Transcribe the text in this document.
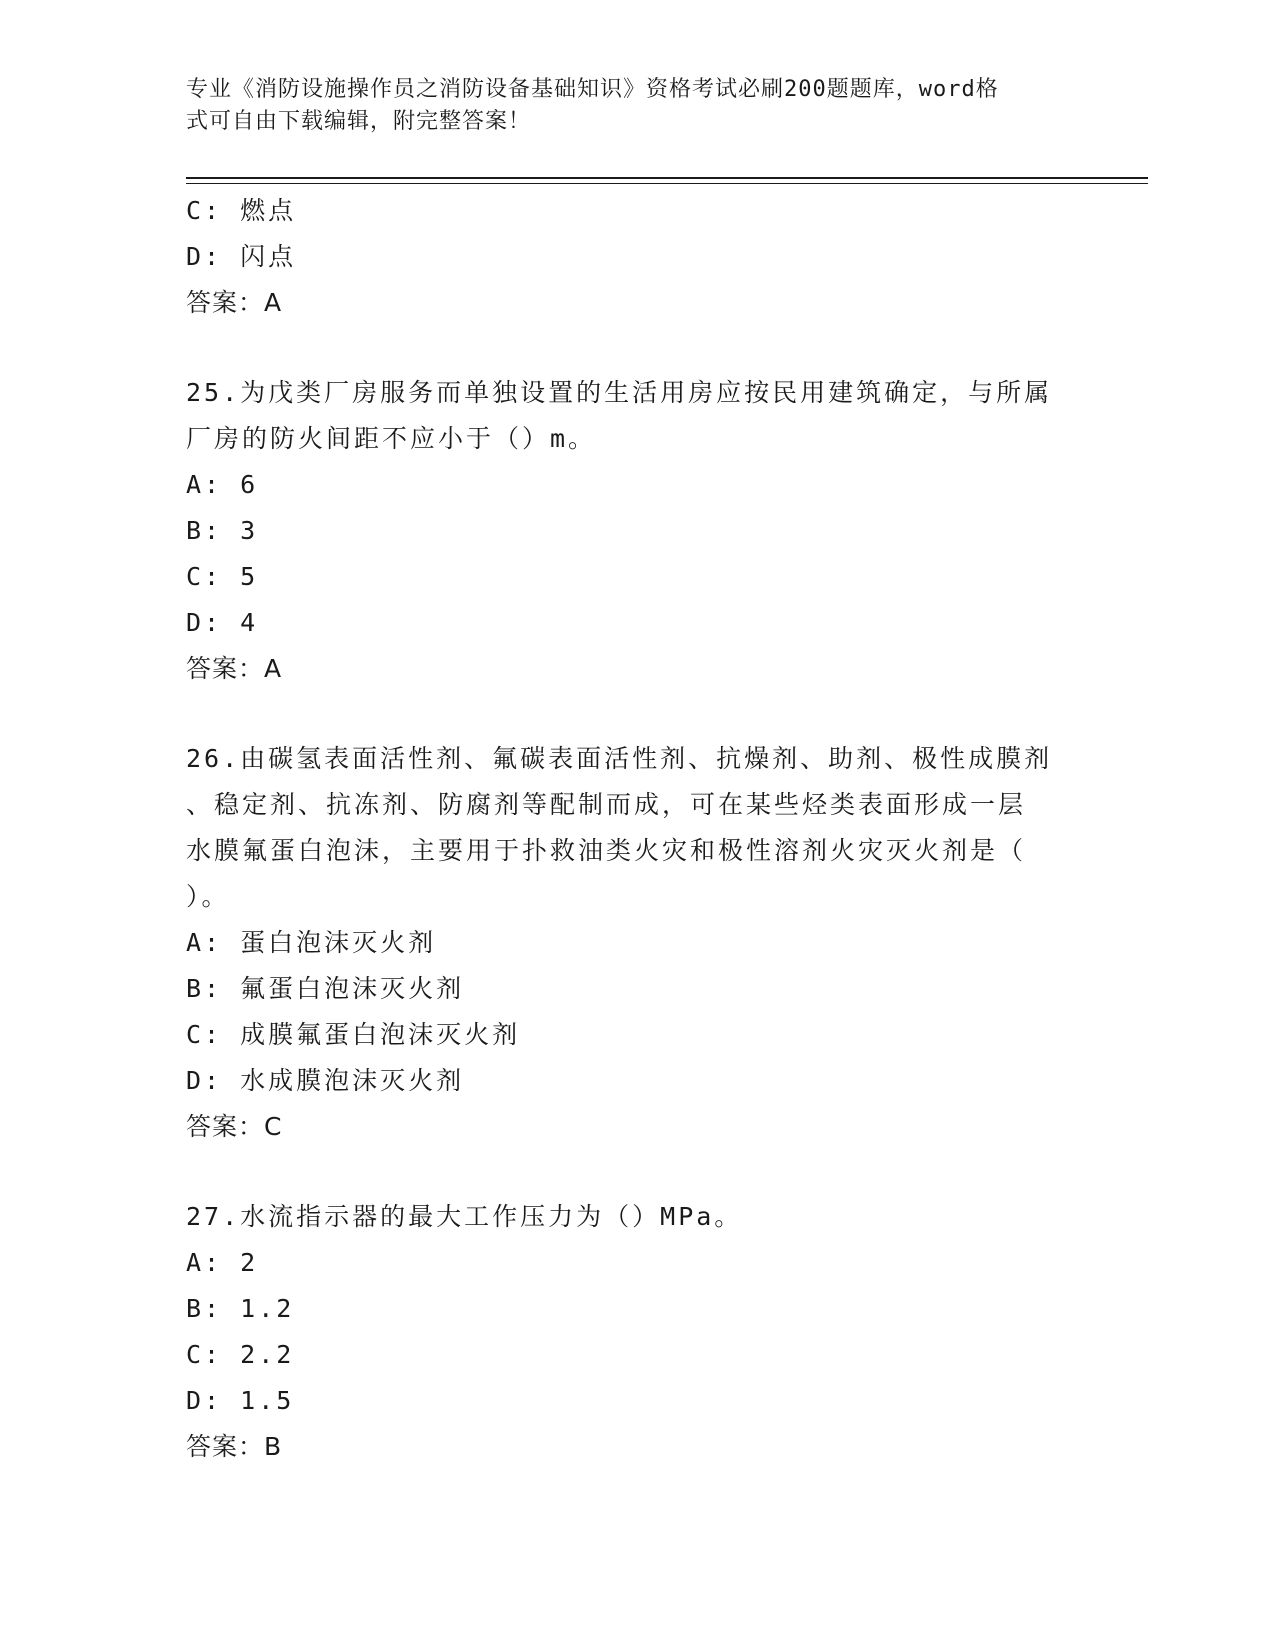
专业《消防设施操作员之消防设备基础知识》资格考试必刷200题题库，word格
式可自由下载编辑，附完整答案！
C: 燃点
D: 闪点
答案：A
25.为戊类厂房服务而单独设置的生活用房应按民用建筑确定，与所属
厂房的防火间距不应小于（）m。
A: 6
B: 3
C: 5
D: 4
答案：A
26.由碳氢表面活性剂、氟碳表面活性剂、抗燥剂、助剂、极性成膜剂
、稳定剂、抗冻剂、防腐剂等配制而成，可在某些烃类表面形成一层
水膜氟蛋白泡沫，主要用于扑救油类火灾和极性溶剂火灾灭火剂是（
）。
A: 蛋白泡沫灭火剂
B: 氟蛋白泡沫灭火剂
C: 成膜氟蛋白泡沫灭火剂
D: 水成膜泡沫灭火剂
答案：C
27.水流指示器的最大工作压力为（）MPa。
A: 2
B: 1.2
C: 2.2
D: 1.5
答案：B
